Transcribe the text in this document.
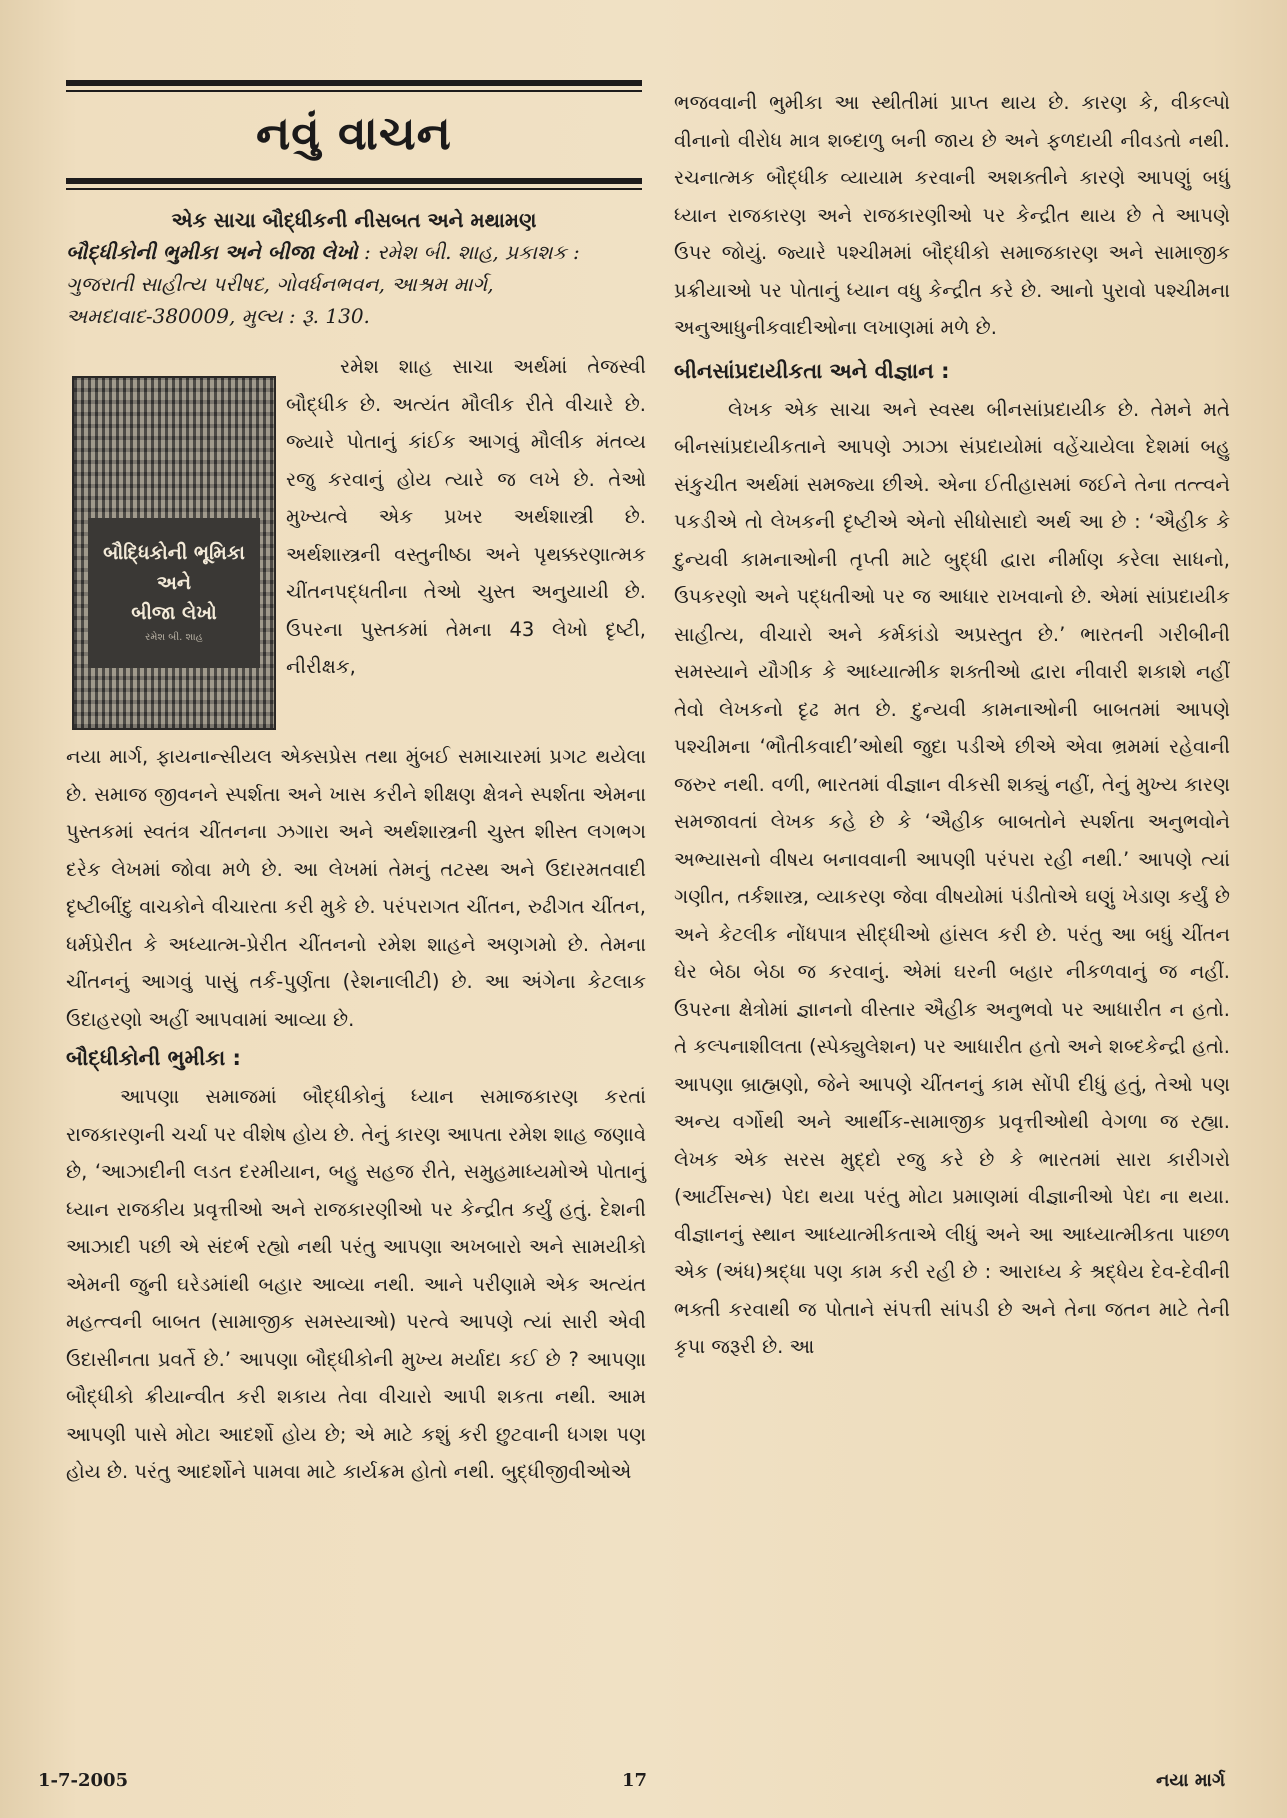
નવું વાચન
એક સાચા બૌદ્ધીકની નીસબત અને મથામણ
બૌદ્ધીકોની ભુમીકા અને બીજા લેખો : રમેશ બી. શાહ, પ્રકાશક : ગુજરાતી સાહીત્ય પરીષદ, ગોવર્ધનભવન, આશ્રમ માર્ગ, અમદાવાદ-380009, મુલ્ય : રૂ. 130.
બૌદ્ધિકોની ભૂમિકા
અને
બીજા લેખો
રમેશ બી. શાહ

રમેશ શાહ સાચા અર્થમાં તેજસ્વી બૌદ્ધીક છે. અત્યંત મૌલીક રીતે વીચારે છે. જ્યારે પોતાનું કાંઈક આગવું મૌલીક મંતવ્ય રજુ કરવાનું હોય ત્યારે જ લખે છે. તેઓ મુખ્યત્વે એક પ્રખર અર્થશાસ્ત્રી છે. અર્થશાસ્ત્રની વસ્તુનીષ્ઠા અને પૃથક્કરણાત્મક ચીંતનપદ્ધતીના તેઓ ચુસ્ત અનુયાયી છે. ઉપરના પુસ્તકમાં તેમના 43 લેખો દૃષ્ટી, નીરીક્ષક,

નયા માર્ગ, ફાયનાન્સીયલ એક્સપ્રેસ તથા મુંબઈ સમાચારમાં પ્રગટ થયેલા છે. સમાજ જીવનને સ્પર્શતા અને ખાસ કરીને શીક્ષણ ક્ષેત્રને સ્પર્શતા એમના પુસ્તકમાં સ્વતંત્ર ચીંતનના ઝગારા અને અર્થશાસ્ત્રની ચુસ્ત શીસ્ત લગભગ દરેક લેખમાં જોવા મળે છે. આ લેખમાં તેમનું તટસ્થ અને ઉદારમતવાદી દૃષ્ટીબીંદુ વાચકોને વીચારતા કરી મુકે છે. પરંપરાગત ચીંતન, રુઢીગત ચીંતન, ધર્મપ્રેરીત કે અધ્યાત્મ-પ્રેરીત ચીંતનનો રમેશ શાહને અણગમો છે. તેમના ચીંતનનું આગવું પાસું તર્ક-પુર્ણતા (રેશનાલીટી) છે. આ અંગેના કેટલાક ઉદાહરણો અહીં આપવામાં આવ્યા છે.

બૌદ્ધીકોની ભુમીકા :

આપણા સમાજમાં બૌદ્ધીકોનું ધ્યાન સમાજકારણ કરતાં રાજકારણની ચર્ચા પર વીશેષ હોય છે. તેનું કારણ આપતા રમેશ શાહ જણાવે છે, ‘આઝાદીની લડત દરમીયાન, બહુ સહજ રીતે, સમુહમાધ્યમોએ પોતાનું ધ્યાન રાજકીય પ્રવૃત્તીઓ અને રાજકારણીઓ પર કેન્દ્રીત કર્યું હતું. દેશની આઝાદી પછી એ સંદર્ભ રહ્યો નથી પરંતુ આપણા અખબારો અને સામયીકો એમની જુની ઘરેડમાંથી બહાર આવ્યા નથી. આને પરીણામે એક અત્યંત મહત્ત્વની બાબત (સામાજીક સમસ્યાઓ) પરત્વે આપણે ત્યાં સારી એવી ઉદાસીનતા પ્રવર્તે છે.’ આપણા બૌદ્ધીકોની મુખ્ય મર્યાદા કઈ છે ? આપણા બૌદ્ધીકો ક્રીયાન્વીત કરી શકાય તેવા વીચારો આપી શકતા નથી. આમ આપણી પાસે મોટા આદર્શો હોય છે; એ માટે કશું કરી છુટવાની ધગશ પણ હોય છે. પરંતુ આદર્શોને પામવા માટે કાર્યક્રમ હોતો નથી. બુદ્ધીજીવીઓએ

ભજવવાની ભુમીકા આ સ્થીતીમાં પ્રાપ્ત થાય છે. કારણ કે, વીકલ્પો વીનાનો વીરોધ માત્ર શબ્દાળુ બની જાય છે અને ફળદાયી નીવડતો નથી. રચનાત્મક બૌદ્ધીક વ્યાયામ કરવાની અશક્તીને કારણે આપણું બધું ધ્યાન રાજકારણ અને રાજકારણીઓ પર કેન્દ્રીત થાય છે તે આપણે ઉપર જોયું. જ્યારે પશ્ચીમમાં બૌદ્ધીકો સમાજકારણ અને સામાજીક પ્રક્રીયાઓ પર પોતાનું ધ્યાન વધુ કેન્દ્રીત કરે છે. આનો પુરાવો પશ્ચીમના અનુઆધુનીકવાદીઓના લખાણમાં મળે છે.

બીનસાંપ્રદાયીકતા અને વીજ્ઞાન :

લેખક એક સાચા અને સ્વસ્થ બીનસાંપ્રદાયીક છે. તેમને મતે બીનસાંપ્રદાયીકતાને આપણે ઝાઝા સંપ્રદાયોમાં વહેંચાયેલા દેશમાં બહુ સંકુચીત અર્થમાં સમજ્યા છીએ. એના ઈતીહાસમાં જઈને તેના તત્ત્વને પકડીએ તો લેખકની દૃષ્ટીએ એનો સીધોસાદો અર્થ આ છે : ‘ઐહીક કે દુન્યવી કામનાઓની તૃપ્તી માટે બુદ્ધી દ્વારા નીર્માણ કરેલા સાધનો, ઉપકરણો અને પદ્ધતીઓ પર જ આધાર રાખવાનો છે. એમાં સાંપ્રદાયીક સાહીત્ય, વીચારો અને કર્મકાંડો અપ્રસ્તુત છે.’ ભારતની ગરીબીની સમસ્યાને યૌગીક કે આધ્યાત્મીક શક્તીઓ દ્વારા નીવારી શકાશે નહીં તેવો લેખકનો દૃઢ મત છે. દુન્યવી કામનાઓની બાબતમાં આપણે પશ્ચીમના ‘ભૌતીકવાદી’ઓથી જુદા પડીએ છીએ એવા ભ્રમમાં રહેવાની જરુર નથી. વળી, ભારતમાં વીજ્ઞાન વીકસી શક્યું નહીં, તેનું મુખ્ય કારણ સમજાવતાં લેખક કહે છે કે ‘ઐહીક બાબતોને સ્પર્શતા અનુભવોને અભ્યાસનો વીષય બનાવવાની આપણી પરંપરા રહી નથી.’ આપણે ત્યાં ગણીત, તર્કશાસ્ત્ર, વ્યાકરણ જેવા વીષયોમાં પંડીતોએ ઘણું ખેડાણ કર્યું છે અને કેટલીક નોંધપાત્ર સીદ્ધીઓ હાંસલ કરી છે. પરંતુ આ બધું ચીંતન ઘેર બેઠા બેઠા જ કરવાનું. એમાં ઘરની બહાર નીકળવાનું જ નહીં. ઉપરના ક્ષેત્રોમાં જ્ઞાનનો વીસ્તાર ઐહીક અનુભવો પર આધારીત ન હતો. તે કલ્પનાશીલતા (સ્પેક્યુલેશન) પર આધારીત હતો અને શબ્દકેન્દ્રી હતો. આપણા બ્રાહ્મણો, જેને આપણે ચીંતનનું કામ સોંપી દીધું હતું, તેઓ પણ અન્ય વર્ગોથી અને આર્થીક-સામાજીક પ્રવૃત્તીઓથી વેગળા જ રહ્યા. લેખક એક સરસ મુદ્દો રજુ કરે છે કે ભારતમાં સારા કારીગરો (આર્ટીસન્સ) પેદા થયા પરંતુ મોટા પ્રમાણમાં વીજ્ઞાનીઓ પેદા ના થયા. વીજ્ઞાનનું સ્થાન આધ્યાત્મીકતાએ લીધું અને આ આધ્યાત્મીકતા પાછળ એક (અંધ)શ્રદ્ધા પણ કામ કરી રહી છે : આરાધ્ય કે શ્રદ્ધેય દેવ-દેવીની ભક્તી કરવાથી જ પોતાને સંપત્તી સાંપડી છે અને તેના જતન માટે તેની કૃપા જરૂરી છે. આ

1-7-2005	17	નયા માર્ગ
